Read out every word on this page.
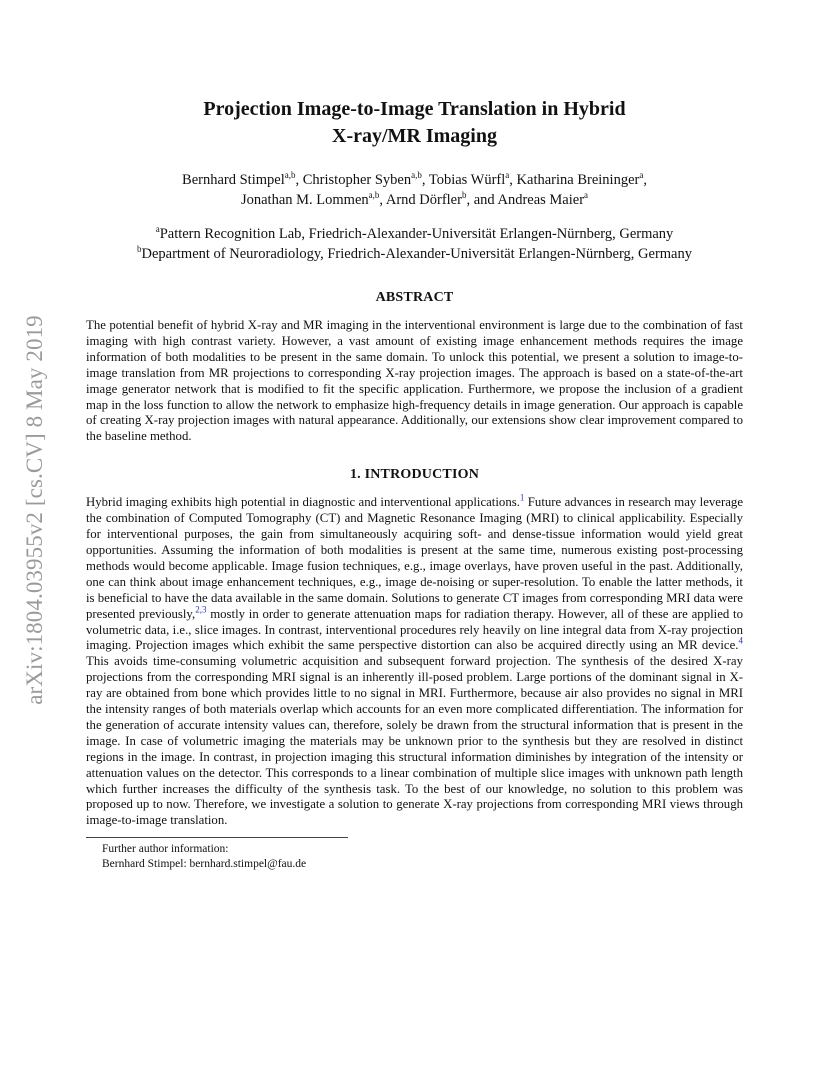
arXiv:1804.03955v2 [cs.CV] 8 May 2019
Projection Image-to-Image Translation in Hybrid
X-ray/MR Imaging
Bernhard Stimpel$^{a,b}$, Christopher Syben$^{a,b}$, Tobias Würfl$^a$, Katharina Breininger$^a$,
Jonathan M. Lommen$^{a,b}$, Arnd Dörfler$^b$, and Andreas Maier$^a$
$^a$Pattern Recognition Lab, Friedrich-Alexander-Universität Erlangen-Nürnberg, Germany
$^b$Department of Neuroradiology, Friedrich-Alexander-Universität Erlangen-Nürnberg, Germany
ABSTRACT
The potential benefit of hybrid X-ray and MR imaging in the interventional environment is large due to the combination of fast imaging with high contrast variety. However, a vast amount of existing image enhancement methods requires the image information of both modalities to be present in the same domain. To unlock this potential, we present a solution to image-to-image translation from MR projections to corresponding X-ray projection images. The approach is based on a state-of-the-art image generator network that is modified to fit the specific application. Furthermore, we propose the inclusion of a gradient map in the loss function to allow the network to emphasize high-frequency details in image generation. Our approach is capable of creating X-ray projection images with natural appearance. Additionally, our extensions show clear improvement compared to the baseline method.
1. INTRODUCTION
Hybrid imaging exhibits high potential in diagnostic and interventional applications.$^1$ Future advances in research may leverage the combination of Computed Tomography (CT) and Magnetic Resonance Imaging (MRI) to clinical applicability. Especially for interventional purposes, the gain from simultaneously acquiring soft- and dense-tissue information would yield great opportunities. Assuming the information of both modalities is present at the same time, numerous existing post-processing methods would become applicable. Image fusion techniques, e.g., image overlays, have proven useful in the past. Additionally, one can think about image enhancement techniques, e.g., image de-noising or super-resolution. To enable the latter methods, it is beneficial to have the data available in the same domain. Solutions to generate CT images from corresponding MRI data were presented previously,$^{2,3}$ mostly in order to generate attenuation maps for radiation therapy. However, all of these are applied to volumetric data, i.e., slice images. In contrast, interventional procedures rely heavily on line integral data from X-ray projection imaging. Projection images which exhibit the same perspective distortion can also be acquired directly using an MR device.$^4$ This avoids time-consuming volumetric acquisition and subsequent forward projection. The synthesis of the desired X-ray projections from the corresponding MRI signal is an inherently ill-posed problem. Large portions of the dominant signal in X-ray are obtained from bone which provides little to no signal in MRI. Furthermore, because air also provides no signal in MRI the intensity ranges of both materials overlap which accounts for an even more complicated differentiation. The information for the generation of accurate intensity values can, therefore, solely be drawn from the structural information that is present in the image. In case of volumetric imaging the materials may be unknown prior to the synthesis but they are resolved in distinct regions in the image. In contrast, in projection imaging this structural information diminishes by integration of the intensity or attenuation values on the detector. This corresponds to a linear combination of multiple slice images with unknown path length which further increases the difficulty of the synthesis task. To the best of our knowledge, no solution to this problem was proposed up to now. Therefore, we investigate a solution to generate X-ray projections from corresponding MRI views through image-to-image translation.
Further author information:
Bernhard Stimpel: bernhard.stimpel@fau.de
